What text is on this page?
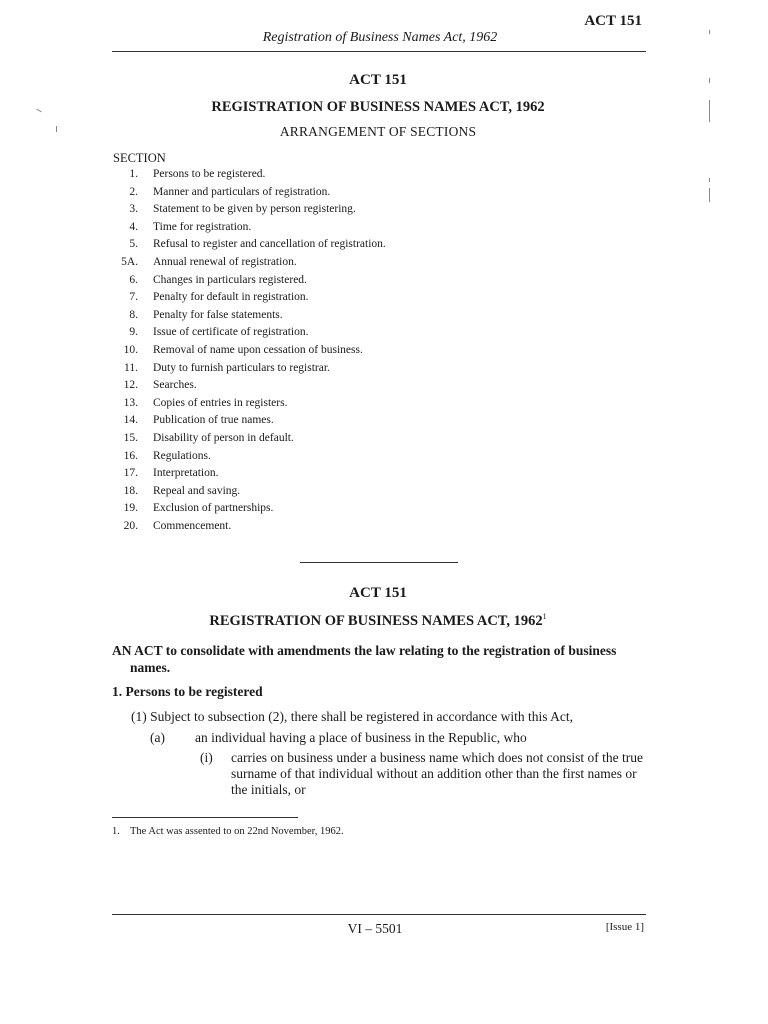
ACT 151
Registration of Business Names Act, 1962
ACT 151
REGISTRATION OF BUSINESS NAMES ACT, 1962
ARRANGEMENT OF SECTIONS
SECTION
1. Persons to be registered.
2. Manner and particulars of registration.
3. Statement to be given by person registering.
4. Time for registration.
5. Refusal to register and cancellation of registration.
5A. Annual renewal of registration.
6. Changes in particulars registered.
7. Penalty for default in registration.
8. Penalty for false statements.
9. Issue of certificate of registration.
10. Removal of name upon cessation of business.
11. Duty to furnish particulars to registrar.
12. Searches.
13. Copies of entries in registers.
14. Publication of true names.
15. Disability of person in default.
16. Regulations.
17. Interpretation.
18. Repeal and saving.
19. Exclusion of partnerships.
20. Commencement.
ACT 151
REGISTRATION OF BUSINESS NAMES ACT, 1962$^1$
AN ACT to consolidate with amendments the law relating to the registration of business names.
1. Persons to be registered
(1) Subject to subsection (2), there shall be registered in accordance with this Act,
(a) an individual having a place of business in the Republic, who
(i) carries on business under a business name which does not consist of the true surname of that individual without an addition other than the first names or the initials, or
1. The Act was assented to on 22nd November, 1962.
VI – 5501	[Issue 1]
